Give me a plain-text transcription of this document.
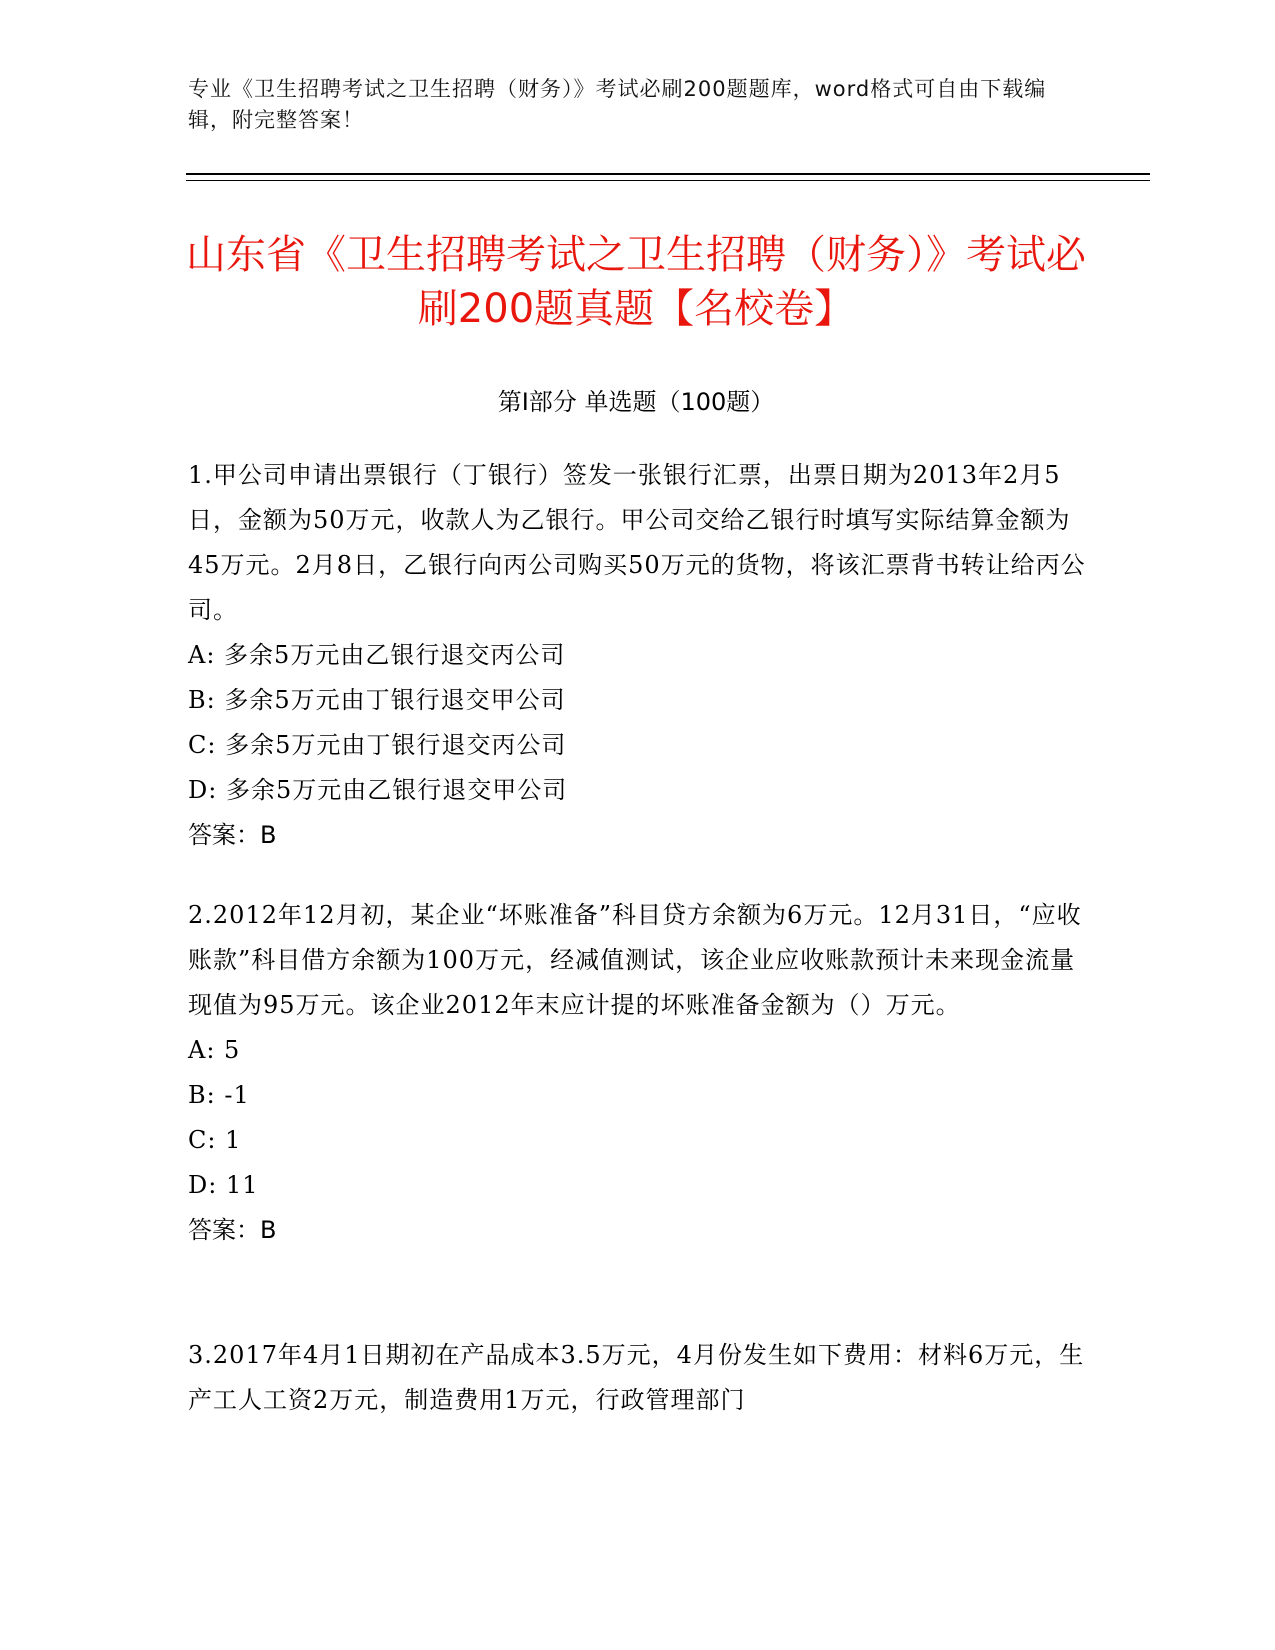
专业《卫生招聘考试之卫生招聘（财务）》考试必刷200题题库，word格式可自由下载编辑，附完整答案！
山东省《卫生招聘考试之卫生招聘（财务）》考试必刷200题真题【名校卷】
第Ⅰ部分 单选题（100题）

1.甲公司申请出票银行（丁银行）签发一张银行汇票，出票日期为2013年2月5日，金额为50万元，收款人为乙银行。甲公司交给乙银行时填写实际结算金额为45万元。2月8日，乙银行向丙公司购买50万元的货物，将该汇票背书转让给丙公司。

A: 多余5万元由乙银行退交丙公司

B: 多余5万元由丁银行退交甲公司

C: 多余5万元由丁银行退交丙公司

D: 多余5万元由乙银行退交甲公司

答案：B

2.2012年12月初，某企业“坏账准备”科目贷方余额为6万元。12月31日，“应收账款”科目借方余额为100万元，经减值测试，该企业应收账款预计未来现金流量现值为95万元。该企业2012年末应计提的坏账准备金额为（）万元。

A: 5

B: -1

C: 1

D: 11

答案：B

3.2017年4月1日期初在产品成本3.5万元，4月份发生如下费用：材料6万元，生产工人工资2万元，制造费用1万元，行政管理部门
